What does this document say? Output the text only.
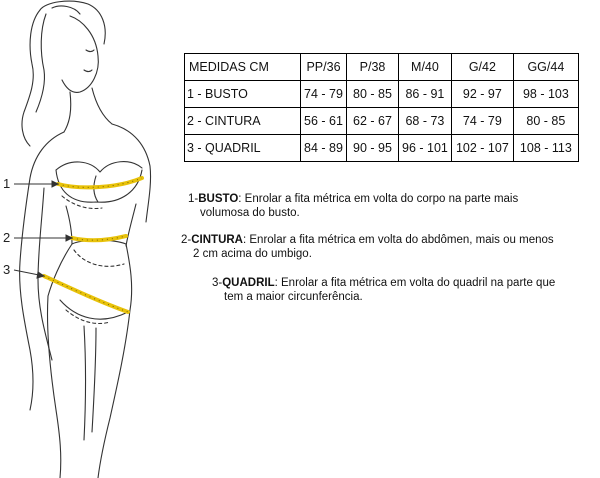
1
2
3
MEDIDAS CM	PP/36	P/38	M/40	G/42	GG/44
1 - BUSTO	74 - 79	80 - 85	86 - 91	92 - 97	98 - 103
2 - CINTURA	56 - 61	62 - 67	68 - 73	74 - 79	80 - 85
3 - QUADRIL	84 - 89	90 - 95	96 - 101	102 - 107	108 - 113
1-BUSTO: Enrolar a fita métrica em volta do corpo na parte mais
volumosa do busto.
2-CINTURA: Enrolar a fita métrica em volta do abdômen, mais ou menos
2 cm acima do umbigo.
3-QUADRIL: Enrolar a fita métrica em volta do quadril na parte que
tem a maior circunferência.
